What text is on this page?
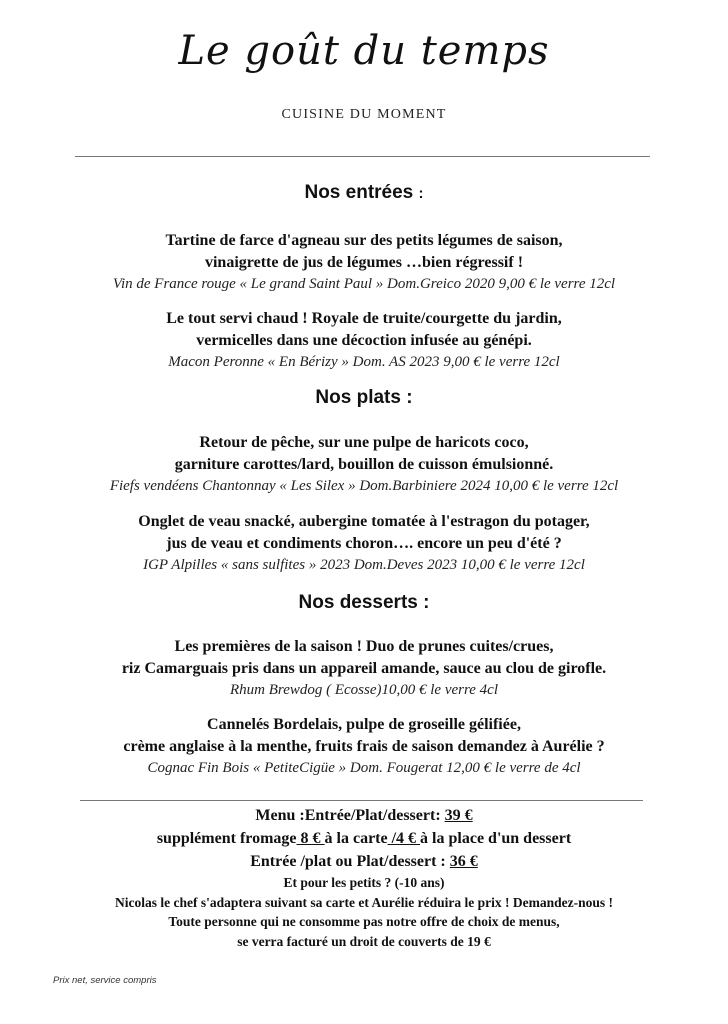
Le goût du temps
CUISINE DU MOMENT
Nos entrées :
Tartine de farce d'agneau sur des petits légumes de saison,
vinaigrette de jus de légumes …bien régressif !
Vin de France rouge « Le grand Saint Paul » Dom.Greico 2020 9,00 € le verre 12cl
Le tout servi chaud ! Royale de truite/courgette du jardin,
vermicelles dans une décoction infusée au génépi.
Macon Peronne « En Bérizy » Dom. AS 2023 9,00 € le verre 12cl
Nos plats :
Retour de pêche, sur une pulpe de haricots coco,
garniture carottes/lard, bouillon de cuisson émulsionné.
Fiefs vendéens Chantonnay « Les Silex » Dom.Barbiniere 2024 10,00 € le verre 12cl
Onglet de veau snacké, aubergine tomatée à l'estragon du potager,
jus de veau et condiments choron…. encore un peu d'été ?
IGP Alpilles « sans sulfites » 2023 Dom.Deves 2023 10,00 € le verre 12cl
Nos desserts :
Les premières de la saison ! Duo de prunes cuites/crues,
riz Camarguais pris dans un appareil amande, sauce au clou de girofle.
Rhum Brewdog ( Ecosse)10,00 € le verre 4cl
Cannelés Bordelais, pulpe de groseille gélifiée,
crème anglaise à la menthe, fruits frais de saison demandez à Aurélie ?
Cognac Fin Bois « PetiteCigüe » Dom. Fougerat 12,00 € le verre de 4cl
Menu :Entrée/Plat/dessert: 39 €
supplément fromage 8 € à la carte /4 € à la place d'un dessert
Entrée /plat ou Plat/dessert : 36 €
Et pour les petits ? (-10 ans)
Nicolas le chef s'adaptera suivant sa carte et Aurélie réduira le prix ! Demandez-nous !
Toute personne qui ne consomme pas notre offre de choix de menus,
se verra facturé un droit de couverts de 19 €
Prix net, service compris
